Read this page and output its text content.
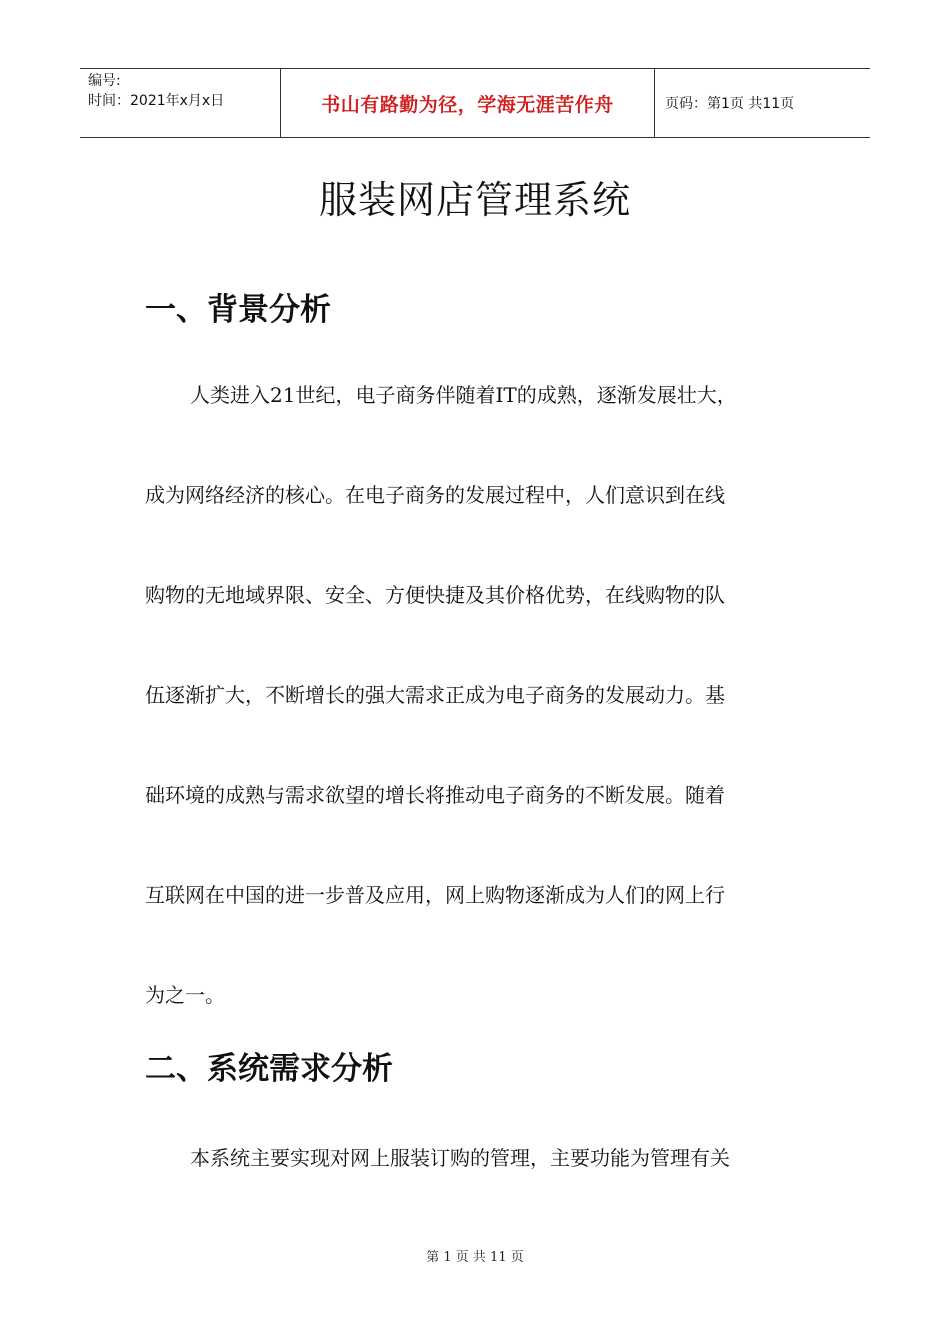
编号:
时间：2021年x月x日	书山有路勤为径，学海无涯苦作舟	页码：第1页 共11页
服装网店管理系统
一、背景分析

人类进入21世纪，电子商务伴随着IT的成熟，逐渐发展壮大，

成为网络经济的核心。在电子商务的发展过程中，人们意识到在线

购物的无地域界限、安全、方便快捷及其价格优势，在线购物的队

伍逐渐扩大，不断增长的强大需求正成为电子商务的发展动力。基

础环境的成熟与需求欲望的增长将推动电子商务的不断发展。随着

互联网在中国的进一步普及应用，网上购物逐渐成为人们的网上行

为之一。

二、系统需求分析

本系统主要实现对网上服装订购的管理，主要功能为管理有关

第 1 页 共 11 页
